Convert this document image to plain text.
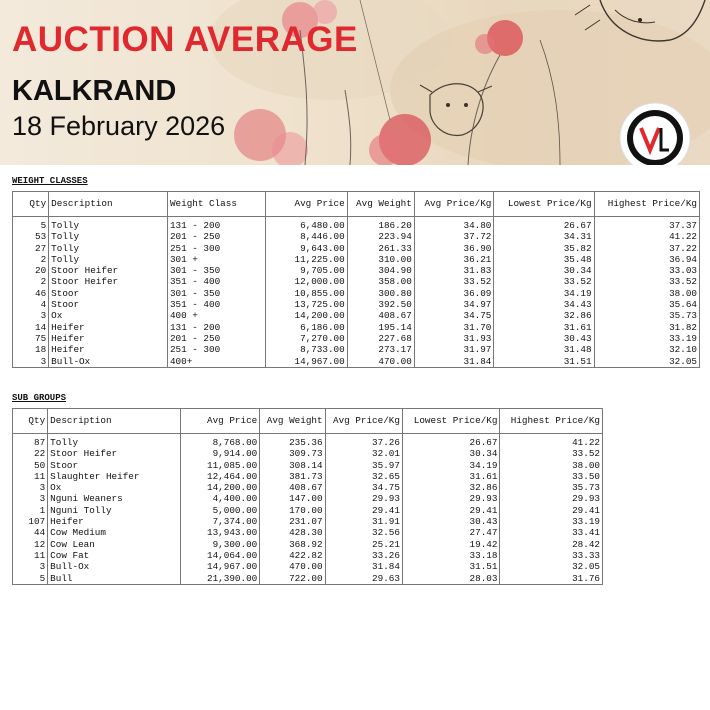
AUCTION AVERAGE
KALKRAND
18 February 2026
WEIGHT CLASSES
Qty	Description	Weight Class	Avg Price	Avg Weight	Avg Price/Kg	Lowest Price/Kg	Highest Price/Kg
5	Tolly	131 - 200	6,480.00	186.20	34.80	26.67	37.37
53	Tolly	201 - 250	8,446.00	223.94	37.72	34.31	41.22
27	Tolly	251 - 300	9,643.00	261.33	36.90	35.82	37.22
2	Tolly	301 +	11,225.00	310.00	36.21	35.48	36.94
20	Stoor Heifer	301 - 350	9,705.00	304.90	31.83	30.34	33.03
2	Stoor Heifer	351 - 400	12,000.00	358.00	33.52	33.52	33.52
46	Stoor	301 - 350	10,855.00	300.80	36.09	34.19	38.00
4	Stoor	351 - 400	13,725.00	392.50	34.97	34.43	35.64
3	Ox	400 +	14,200.00	408.67	34.75	32.86	35.73
14	Heifer	131 - 200	6,186.00	195.14	31.70	31.61	31.82
75	Heifer	201 - 250	7,270.00	227.68	31.93	30.43	33.19
18	Heifer	251 - 300	8,733.00	273.17	31.97	31.48	32.10
3	Bull-Ox	400+	14,967.00	470.00	31.84	31.51	32.05
SUB GROUPS
Qty	Description	Avg Price	Avg Weight	Avg Price/Kg	Lowest Price/Kg	Highest Price/Kg
87	Tolly	8,768.00	235.36	37.26	26.67	41.22
22	Stoor Heifer	9,914.00	309.73	32.01	30.34	33.52
50	Stoor	11,085.00	308.14	35.97	34.19	38.00
11	Slaughter Heifer	12,464.00	381.73	32.65	31.61	33.50
3	Ox	14,200.00	408.67	34.75	32.86	35.73
3	Nguni Weaners	4,400.00	147.00	29.93	29.93	29.93
1	Nguni Tolly	5,000.00	170.00	29.41	29.41	29.41
107	Heifer	7,374.00	231.07	31.91	30.43	33.19
44	Cow Medium	13,943.00	428.30	32.56	27.47	33.41
12	Cow Lean	9,300.00	368.92	25.21	19.42	28.42
11	Cow Fat	14,064.00	422.82	33.26	33.18	33.33
3	Bull-Ox	14,967.00	470.00	31.84	31.51	32.05
5	Bull	21,390.00	722.00	29.63	28.03	31.76
